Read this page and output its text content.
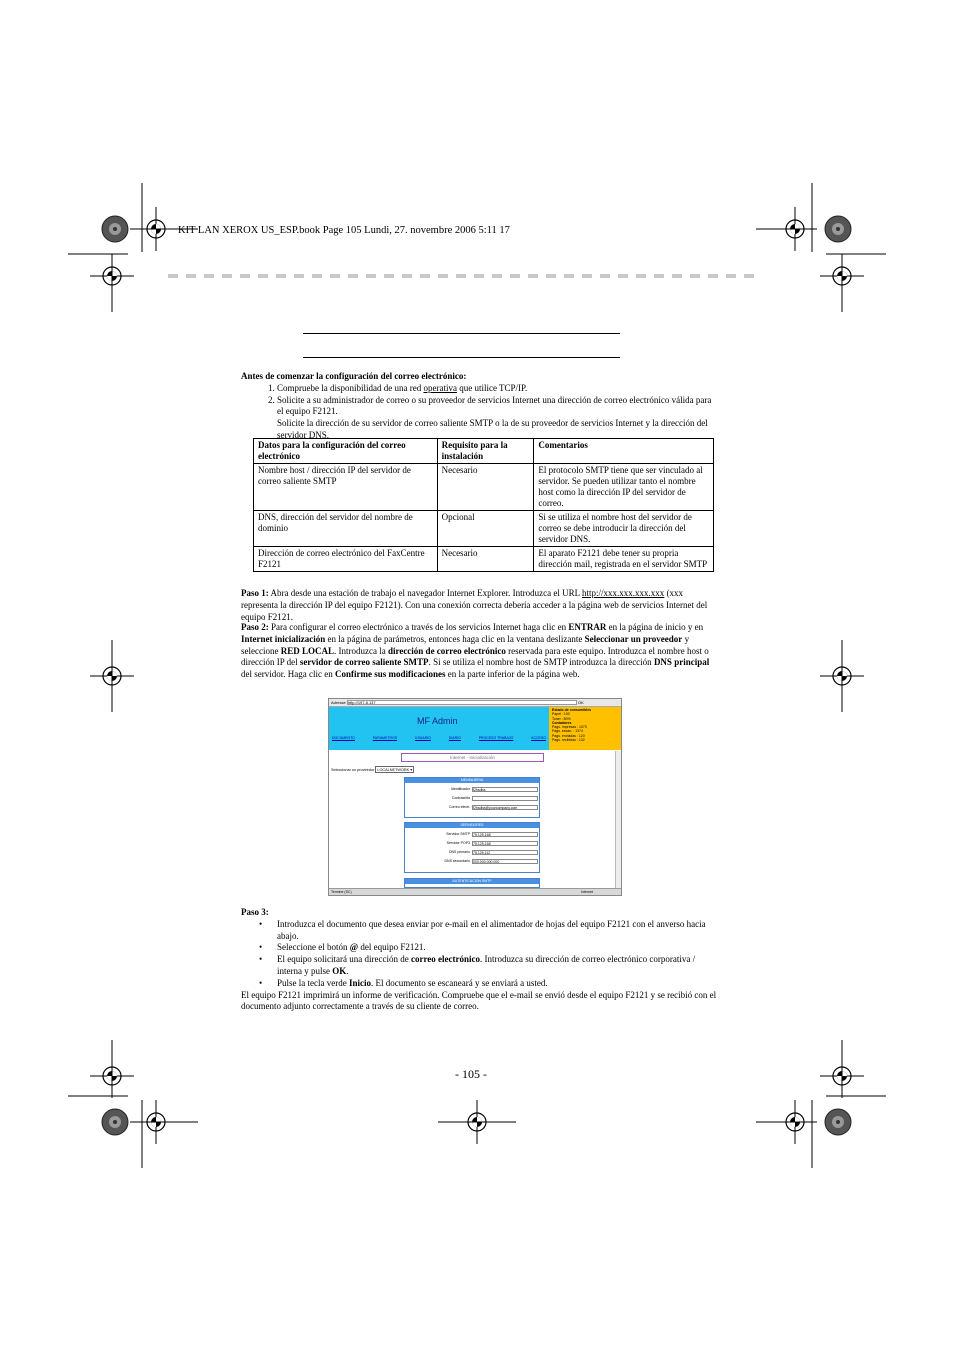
KIT LAN XEROX US_ESP.book Page 105 Lundi, 27. novembre 2006 5:11 17
Antes de comenzar la configuración del correo electrónico:
1. Compruebe la disponibilidad de una red operativa que utilice TCP/IP.
2. Solicite a su administrador de correo o su proveedor de servicios Internet una dirección de correo electrónico válida para el equipo F2121.
Solicite la dirección de su servidor de correo saliente SMTP o la de su proveedor de servicios Internet y la dirección del servidor DNS.
Datos para la configuración del correo electrónico	Requisito para la instalación	Comentarios
Nombre host / dirección IP del servidor de correo saliente SMTP	Necesario	El protocolo SMTP tiene que ser vinculado al servidor. Se pueden utilizar tanto el nombre host como la dirección IP del servidor de correo.
DNS, dirección del servidor del nombre de dominio	Opcional	Si se utiliza el nombre host del servidor de correo se debe introducir la dirección del servidor DNS.
Dirección de correo electrónico del FaxCentre F2121	Necesario	El aparato F2121 debe tener su propria dirección mail, registrada en el servidor SMTP
Paso 1: Abra desde una estación de trabajo el navegador Internet Explorer. Introduzca el URL http://xxx.xxx.xxx.xxx (xxx representa la dirección IP del equipo F2121). Con una conexión correcta debería acceder a la página web de servicios Internet del equipo F2121.
Paso 2: Para configurar el correo electrónico a través de los servicios Internet haga clic en ENTRAR en la página de inicio y en Internet inicialización en la página de parámetros, entonces haga clic en la ventana deslizante Seleccionar un proveedor y seleccione RED LOCAL. Introduzca la dirección de correo electrónico reservada para este equipo. Introduzca el nombre host o dirección IP del servidor de correo saliente SMTP. Si se utiliza el nombre host de SMTP introduzca la dirección DNS principal del servidor. Haga clic en Confirme sus modificaciones en la parte inferior de la página web.
Adresse http://197.8.137	OK
MF Admin
DOCUMENTO	PARAMETROS	USUARIO	DIARIO	PROCESO TRABAJO	ACCESO
Estado de consumibles
Papel : 100
Toner : 80%
Contadores
Pags. impresas : 1073
Pags. escan. : 1374
Pags. enviadas : 120
Pags. recibidas : 132
Internet - Inicialización
Seleccionar un proveedor LOCALNETWORK ▾
MENSAJERIA
Identificador f2hsdba
Contraseña
Correo electr. f2hsdba@yourcompany.com
SERVIDORES
Servidor SMTP 75.125.168
Servidor POP3 75.125.168
DNS primario 75.125.112
DNS secundario 000.000.000.000
AUTENTICACION SMTP
Terminé (SC)	Internet
Paso 3:
• Introduzca el documento que desea enviar por e-mail en el alimentador de hojas del equipo F2121 con el anverso hacia abajo.
• Seleccione el botón @ del equipo F2121.
• El equipo solicitará una dirección de correo electrónico. Introduzca su dirección de correo electrónico corporativa / interna y pulse OK.
• Pulse la tecla verde Inicio. El documento se escaneará y se enviará a usted.
El equipo F2121 imprimirá un informe de verificación. Compruebe que el e-mail se envió desde el equipo F2121 y se recibió con el documento adjunto correctamente a través de su cliente de correo.
- 105 -
